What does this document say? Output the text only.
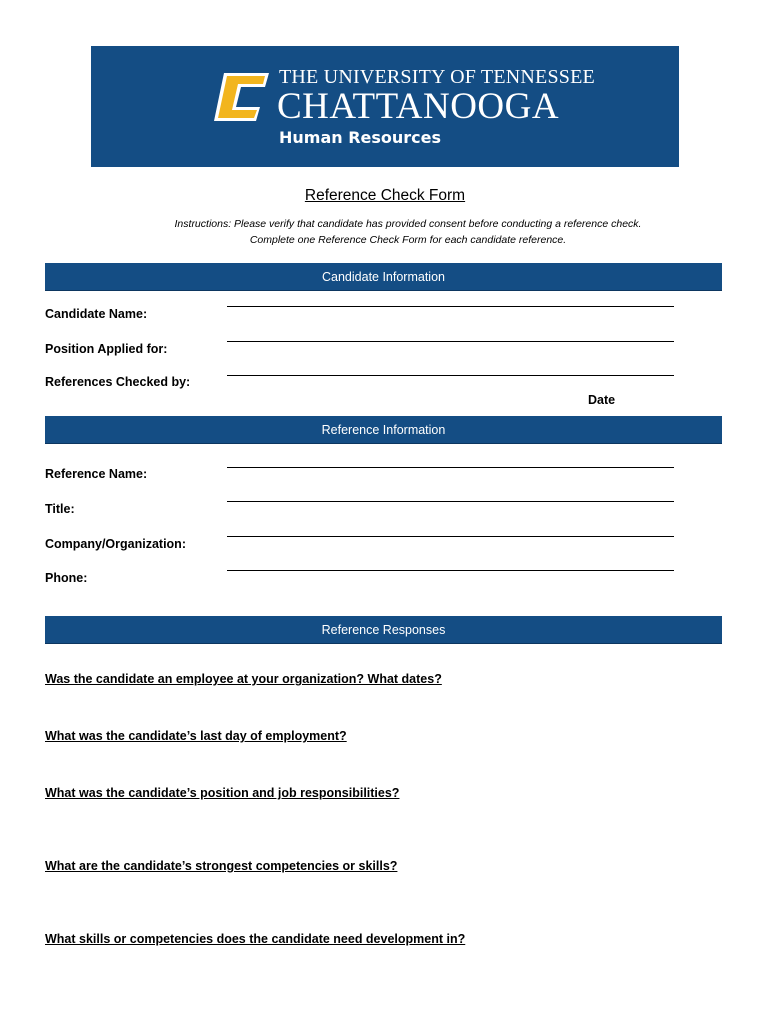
THE UNIVERSITY OF TENNESSEE
CHATTANOOGA
Human Resources
Reference Check Form
Instructions: Please verify that candidate has provided consent before conducting a reference check.
Complete one Reference Check Form for each candidate reference.
Candidate Information
Candidate Name:
Position Applied for:
References Checked by:
Date
Reference Information
Reference Name:
Title:
Company/Organization:
Phone:
Reference Responses
Was the candidate an employee at your organization? What dates?
What was the candidate’s last day of employment?
What was the candidate’s position and job responsibilities?
What are the candidate’s strongest competencies or skills?
What skills or competencies does the candidate need development in?
